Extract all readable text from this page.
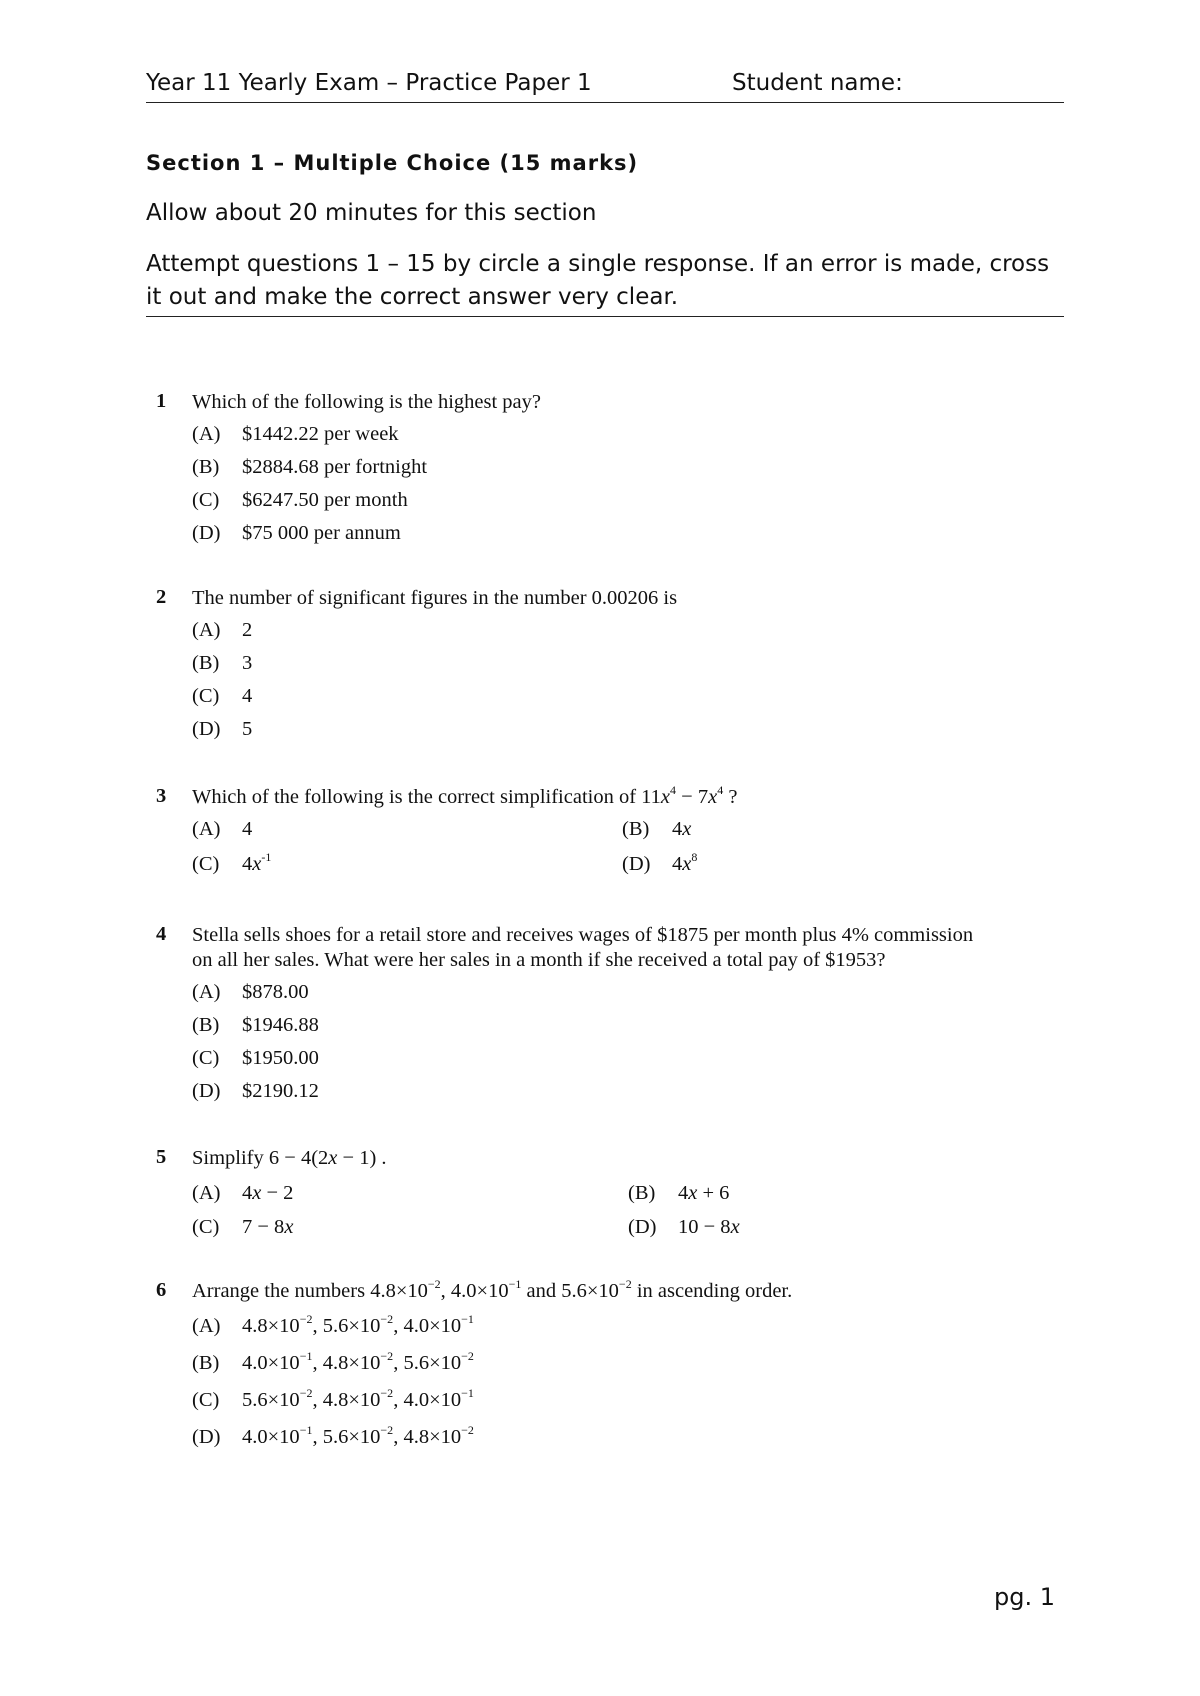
Year 11 Yearly Exam – Practice Paper 1	Student name:
Section 1 – Multiple Choice (15 marks)
Allow about 20 minutes for this section
Attempt questions 1 – 15 by circle a single response. If an error is made, cross it out and make the correct answer very clear.
1 Which of the following is the highest pay?
(A) $1442.22 per week
(B) $2884.68 per fortnight
(C) $6247.50 per month
(D) $75 000 per annum
2 The number of significant figures in the number 0.00206 is
(A) 2
(B) 3
(C) 4
(D) 5
3 Which of the following is the correct simplification of $11x^4 - 7x^4$ ?
(A) 4	(B) 4x
(C) $4x^{-1}$	(D) $4x^8$
4 Stella sells shoes for a retail store and receives wages of $1875 per month plus 4% commission
on all her sales. What were her sales in a month if she received a total pay of $1953?
(A) $878.00
(B) $1946.88
(C) $1950.00
(D) $2190.12
5 Simplify 6 − 4(2x − 1) .
(A) 4x − 2	(B) 4x + 6
(C) 7 − 8x	(D) 10 − 8x
6 Arrange the numbers $4.8\times 10^{-2}$, $4.0\times 10^{-1}$ and $5.6\times 10^{-2}$ in ascending order.
(A) $4.8\times 10^{-2}$, $5.6\times 10^{-2}$, $4.0\times 10^{-1}$
(B) $4.0\times 10^{-1}$, $4.8\times 10^{-2}$, $5.6\times 10^{-2}$
(C) $5.6\times 10^{-2}$, $4.8\times 10^{-2}$, $4.0\times 10^{-1}$
(D) $4.0\times 10^{-1}$, $5.6\times 10^{-2}$, $4.8\times 10^{-2}$
pg. 1
